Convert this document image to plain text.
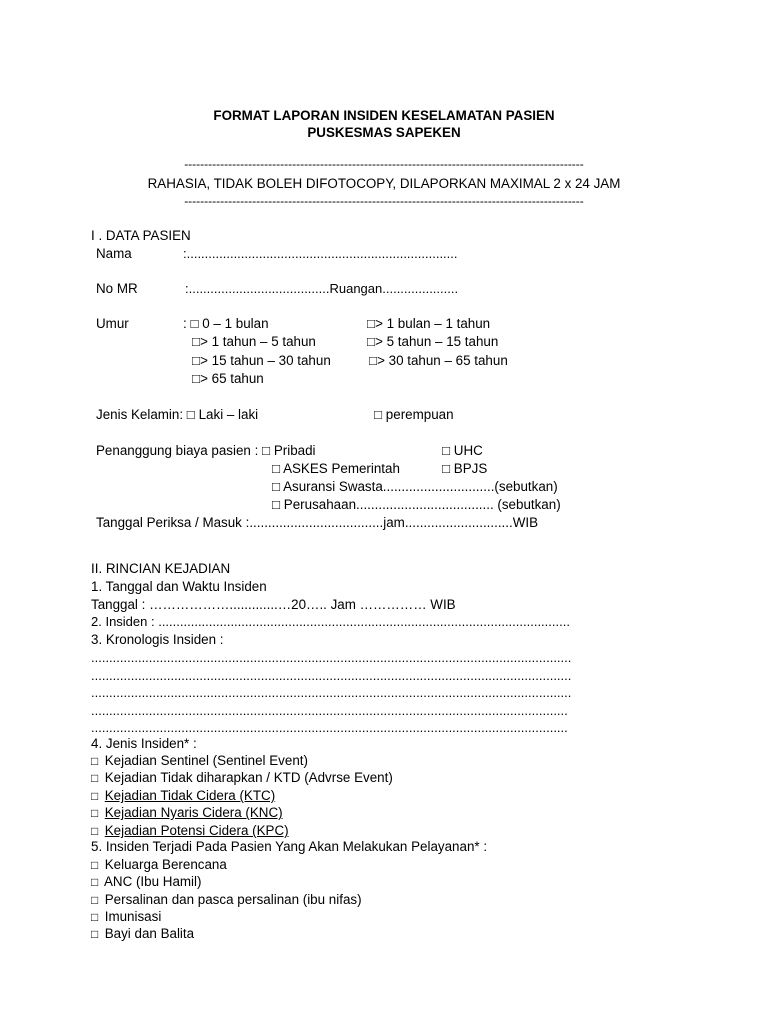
FORMAT LAPORAN INSIDEN KESELAMATAN PASIEN
PUSKESMAS SAPEKEN
----------------------------------------------------------------------------------------------------
RAHASIA, TIDAK BOLEH DIFOTOCOPY, DILAPORKAN MAXIMAL 2 x 24 JAM
----------------------------------------------------------------------------------------------------
I . DATA PASIEN
Nama	:...........................................................................
No MR	:.......................................Ruangan.....................
Umur	: □ 0 – 1 bulan	□> 1 bulan – 1 tahun
□> 1 tahun – 5 tahun	□> 5 tahun – 15 tahun
□> 15 tahun – 30 tahun	□> 30 tahun – 65 tahun
□> 65 tahun
Jenis Kelamin: □ Laki – laki	□ perempuan
Penanggung biaya pasien : □ Pribadi	□ UHC
□ ASKES Pemerintah	□ BPJS
□ Asuransi Swasta..............................(sebutkan)
□ Perusahaan..................................... (sebutkan)
Tanggal Periksa / Masuk :....................................jam.............................WIB
II. RINCIAN KEJADIAN
1. Tanggal dan Waktu Insiden
Tanggal : ……………….............…20….. Jam …………… WIB
2. Insiden : ..................................................................................................................
3. Kronologis Insiden :
.....................................................................................................................................
.....................................................................................................................................
.....................................................................................................................................
....................................................................................................................................
....................................................................................................................................
4. Jenis Insiden* :
□ Kejadian Sentinel (Sentinel Event)
□ Kejadian Tidak diharapkan / KTD (Advrse Event)
□ Kejadian Tidak Cidera (KTC)
□ Kejadian Nyaris Cidera (KNC)
□ Kejadian Potensi Cidera (KPC)
5. Insiden Terjadi Pada Pasien Yang Akan Melakukan Pelayanan* :
□ Keluarga Berencana
□ ANC (Ibu Hamil)
□ Persalinan dan pasca persalinan (ibu nifas)
□ Imunisasi
□ Bayi dan Balita
